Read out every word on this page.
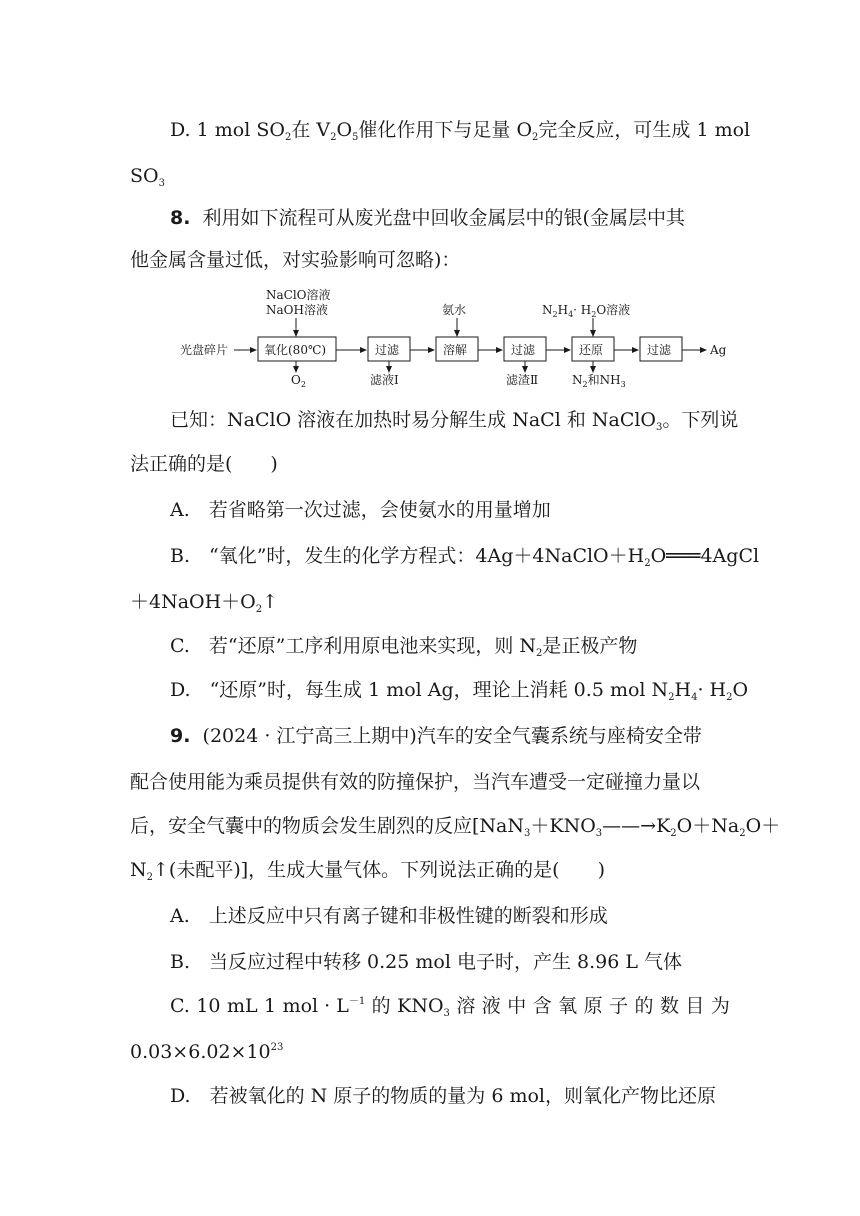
D. 1 mol $SO_2$在 $V_2O_5$催化作用下与足量 $O_2$完全反应，可生成 1 mol
$SO_3$
8. 利用如下流程可从废光盘中回收金属层中的银(金属层中其
他金属含量过低，对实验影响可忽略)：
光盘碎片
NaClO溶液
NaOH溶液
氧化(80℃)
$O_2$
过滤
滤液Ⅰ
氨水
溶解	过滤
滤渣Ⅱ
$N_2H_4\cdot H_2O$溶液
还原
$N_2$和$NH_3$
过滤	Ag
已知：NaClO 溶液在加热时易分解生成 NaCl 和 NaClO$_3$。下列说
法正确的是(　　)
A.　若省略第一次过滤，会使氨水的用量增加
B.　“氧化”时，发生的化学方程式：$4Ag+4NaClO+H_2O═══4AgCl$
$+4NaOH+O_2↑$
C.　若“还原”工序利用原电池来实现，则 $N_2$是正极产物
D.　“还原”时，每生成 1 mol Ag，理论上消耗 0.5 mol $N_2H_4\cdot H_2O$
9. (2024 · 江宁高三上期中)汽车的安全气囊系统与座椅安全带
配合使用能为乘员提供有效的防撞保护，当汽车遭受一定碰撞力量以
后，安全气囊中的物质会发生剧烈的反应[$NaN_3+KNO_3——\to K_2O+Na_2O+$
$N_2↑$(未配平)]，生成大量气体。下列说法正确的是(　　)
A.　上述反应中只有离子键和非极性键的断裂和形成
B.　当反应过程中转移 0.25 mol 电子时，产生 8.96 L 气体
C. 10 mL 1 mol · $L^{-1}$ 的 $KNO_3$ 溶 液 中 含 氧 原 子 的 数 目 为
$0.03\times 6.02\times 10^{23}$
D.　若被氧化的 N 原子的物质的量为 6 mol，则氧化产物比还原
